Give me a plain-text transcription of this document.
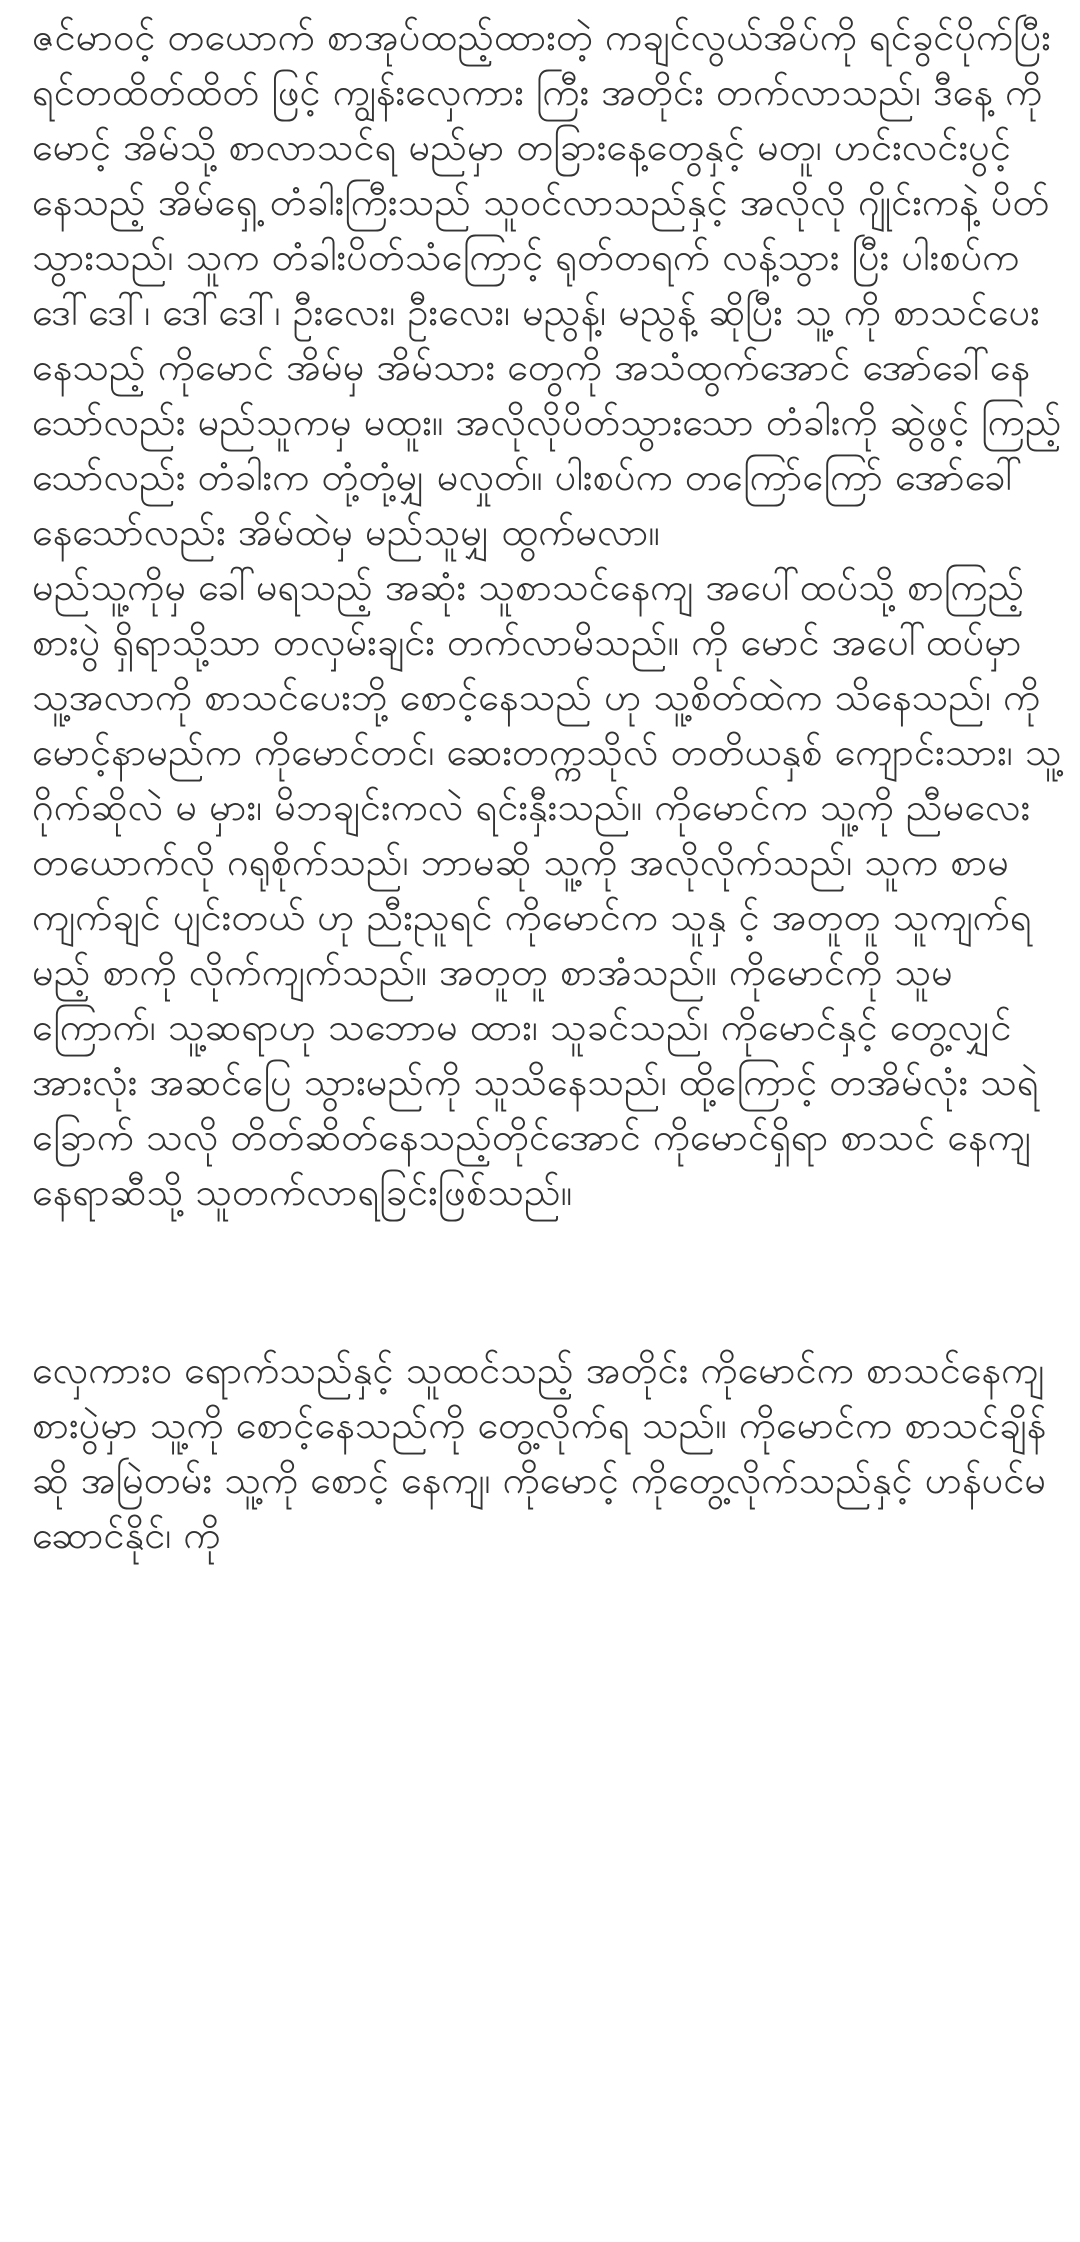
ဇင်မာဝင့် တယောက် စာအုပ်ထည့်ထားတဲ့ ကချင်လွယ်အိပ်ကို ရင်ခွင်ပိုက်ပြီး ရင်တထိတ်ထိတ် ဖြင့် ကျွန်းလှေကား ကြီး အတိုင်း တက်လာသည်၊ ဒီနေ့ ကိုမောင့် အိမ်သို့ စာလာသင်ရ မည်မှာ တခြားနေ့တွေနှင့် မတူ၊ ဟင်းလင်းပွင့် နေသည့် အိမ်ရှေ့ တံခါးကြီးသည် သူဝင်လာသည်နှင့် အလိုလို ဂျိုင်းကနဲ့ ပိတ် သွားသည်၊ သူက တံခါးပိတ်သံကြောင့် ရုတ်တရက် လန့်သွား ပြီး ပါးစပ်က ဒေါ်ဒေါ်၊ ဒေါ်ဒေါ်၊ ဦးလေး၊ ဦးလေး၊ မညွန့်၊ မညွန့် ဆိုပြီး သူ့ ကို စာသင်ပေးနေသည့် ကိုမောင် အိမ်မှ အိမ်သား တွေကို အသံထွက်အောင် အော်ခေါ်နေသော်လည်း မည်သူကမှ မထူး။ အလိုလိုပိတ်သွားသော တံခါးကို ဆွဲဖွင့် ကြည့် သော်လည်း တံခါးက တုံ့တုံ့မျှ မလှုတ်။ ပါးစပ်က တကြော်ကြော် အော်ခေါ်နေသော်လည်း အိမ်ထဲမှ မည်သူမျှ ထွက်မလာ။

မည်သူ့ကိုမှ ခေါ်မရသည့် အဆုံး သူစာသင်နေကျ အပေါ်ထပ်သို့ စာကြည့်စားပွဲ ရှိရာသို့သာ တလှမ်းချင်း တက်လာမိသည်။ ကို မောင် အပေါ်ထပ်မှာ သူ့အလာကို စာသင်ပေးဘို့ စောင့်နေသည် ဟု သူ့စိတ်ထဲက သိနေသည်၊ ကိုမောင့်နာမည်က ကိုမောင်တင်၊ ဆေးတက္ကသိုလ် တတိယနှစ် ကျောင်းသား၊ သူ့ ဂိုက်ဆိုလဲ မ မှား၊ မိဘချင်းကလဲ ရင်းနှီးသည်။ ကိုမောင်က သူ့ကို ညီမလေး တယောက်လို ဂရုစိုက်သည်၊ ဘာမဆို သူ့ကို အလိုလိုက်သည်၊ သူက စာမကျက်ချင် ပျင်းတယ် ဟု ညီးညူရင် ကိုမောင်က သူနှ င့် အတူတူ သူကျက်ရမည့် စာကို လိုက်ကျက်သည်။ အတူတူ စာအံသည်။ ကိုမောင်ကို သူမကြောက်၊ သူ့ဆရာဟု သဘောမ ထား၊ သူခင်သည်၊ ကိုမောင်နှင့် တွေ့လျှင် အားလုံး အဆင်ပြေ သွားမည်ကို သူသိနေသည်၊ ထို့ကြောင့် တအိမ်လုံး သရဲခြောက် သလို တိတ်ဆိတ်နေသည့်တိုင်အောင် ကိုမောင်ရှိရာ စာသင် နေကျ နေရာဆီသို့ သူတက်လာရခြင်းဖြစ်သည်။

လှေကား၀ ရောက်သည်နှင့် သူထင်သည့် အတိုင်း ကိုမောင်က စာသင်နေကျ စားပွဲမှာ သူ့ကို စောင့်နေသည်ကို တွေ့လိုက်ရ သည်။ ကိုမောင်က စာသင်ချိန်ဆို အမြဲတမ်း သူ့ကို စောင့် နေကျ၊ ကိုမောင့် ကိုတွေ့လိုက်သည်နှင့် ဟန်ပင်မဆောင်နိုင်၊ ကို
